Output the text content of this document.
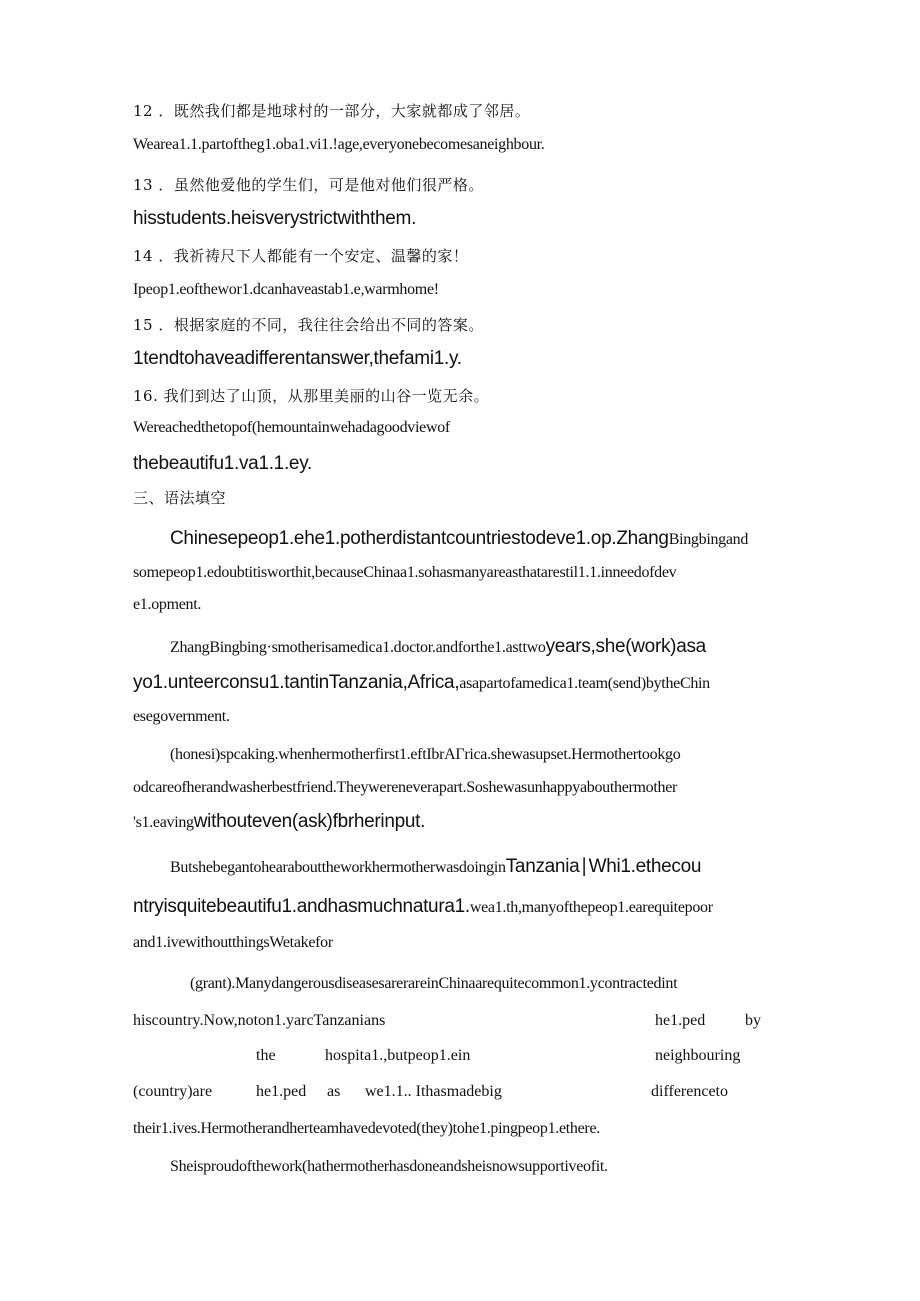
12 ．既然我们都是地球村的一部分，大家就都成了邻居。
Wearea1.1.partoftheg1.oba1.vi1.!age,everyonebecomesaneighbour.
13 ．虽然他爱他的学生们，可是他对他们很严格。
hisstudents.heisverystrictwiththem.
14 ．我祈祷尺下人都能有一个安定、温馨的家！
Ipeop1.eofthewor1.dcanhaveastab1.e,warmhome!
15 ．根据家庭的不同，我往往会给出不同的答案。
1tendtohaveadifferentanswer,thefami1.y.
16. 我们到达了山顶，从那里美丽的山谷一览无余。
Wereachedthetopof(hemountainwehadagoodviewof
thebeautifu1.va1.1.ey.
三、语法填空
Chinesepeop1.ehe1.potherdistantcountriestodeve1.op.ZhangBingbingand
somepeop1.edoubtitisworthit,becauseChinaa1.sohasmanyareasthatarestil1.1.inneedofdev
e1.opment.
ZhangBingbing·smotherisamedica1.doctor.andforthe1.asttwoyears,she(work)asa
yo1.unteerconsu1.tantinTanzania,Africa,asapartofamedica1.team(send)bytheChin
esegovernment.
(honesi)spcaking.whenhermotherfirst1.eftIbrAΓrica.shewasupset.Hermothertookgo
odcareofherandwasherbestfriend.Theywereneverapart.Soshewasunhappyabouthermother
's1.eavingwithouteven(ask)fbrherinput.
ButshebegantohearabouttheworkhermotherwasdoinginTanzania∣Whi1.ethecou
ntryisquitebeautifu1.andhasmuchnatura1.wea1.th,manyofthepeop1.earequitepoor
and1.ivewithoutthingsWetakefor
(grant).ManydangerousdiseasesarerareinChinaarequitecommon1.ycontractedint
hiscountry.Now,noton1.yarcTanzanians	he1.ped by
the	hospita1.,butpeop1.ein	neighbouring
(country)are	he1.ped as we1.1.. Ithasmadebig	differenceto
their1.ives.Hermotherandherteamhavedevoted(they)tohe1.pingpeop1.ethere.
Sheisproudofthework(hathermotherhasdoneandsheisnowsupportiveofit.
